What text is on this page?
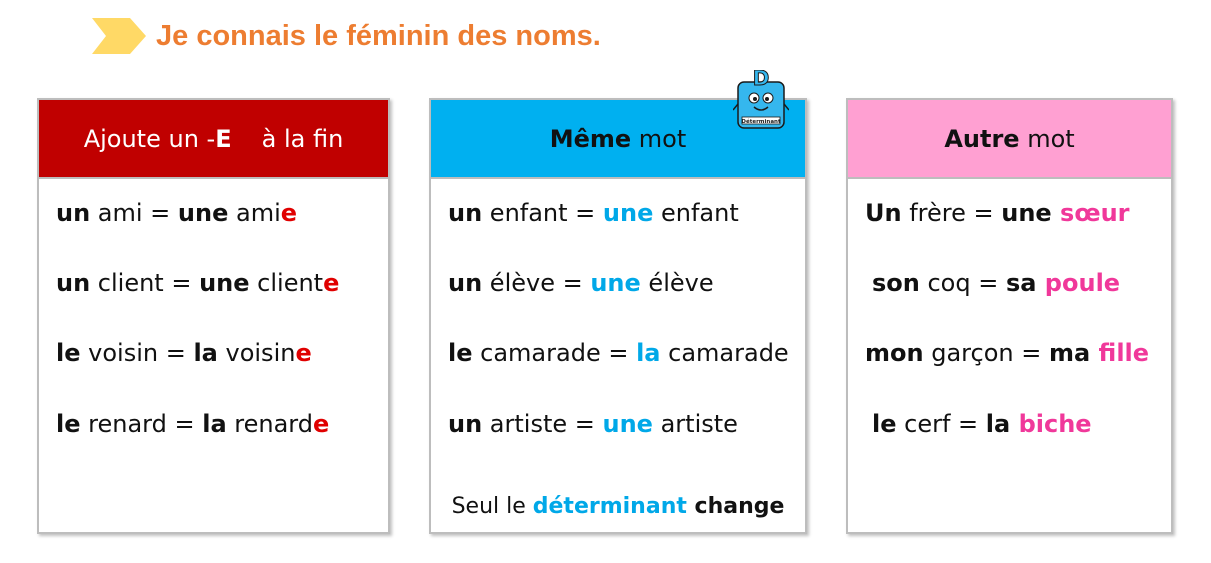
Je connais le féminin des noms.
Ajoute un - E à la fin
un ami = une amie
un client = une cliente
le voisin = la voisine
le renard = la renarde
Même mot
un enfant = une enfant
un élève = une élève
le camarade = la camarade
un artiste = une artiste
Seul le déterminant change
D
Déterminant
Autre mot
Un frère = une sœur
son coq = sa poule
mon garçon = ma fille
le cerf = la biche
